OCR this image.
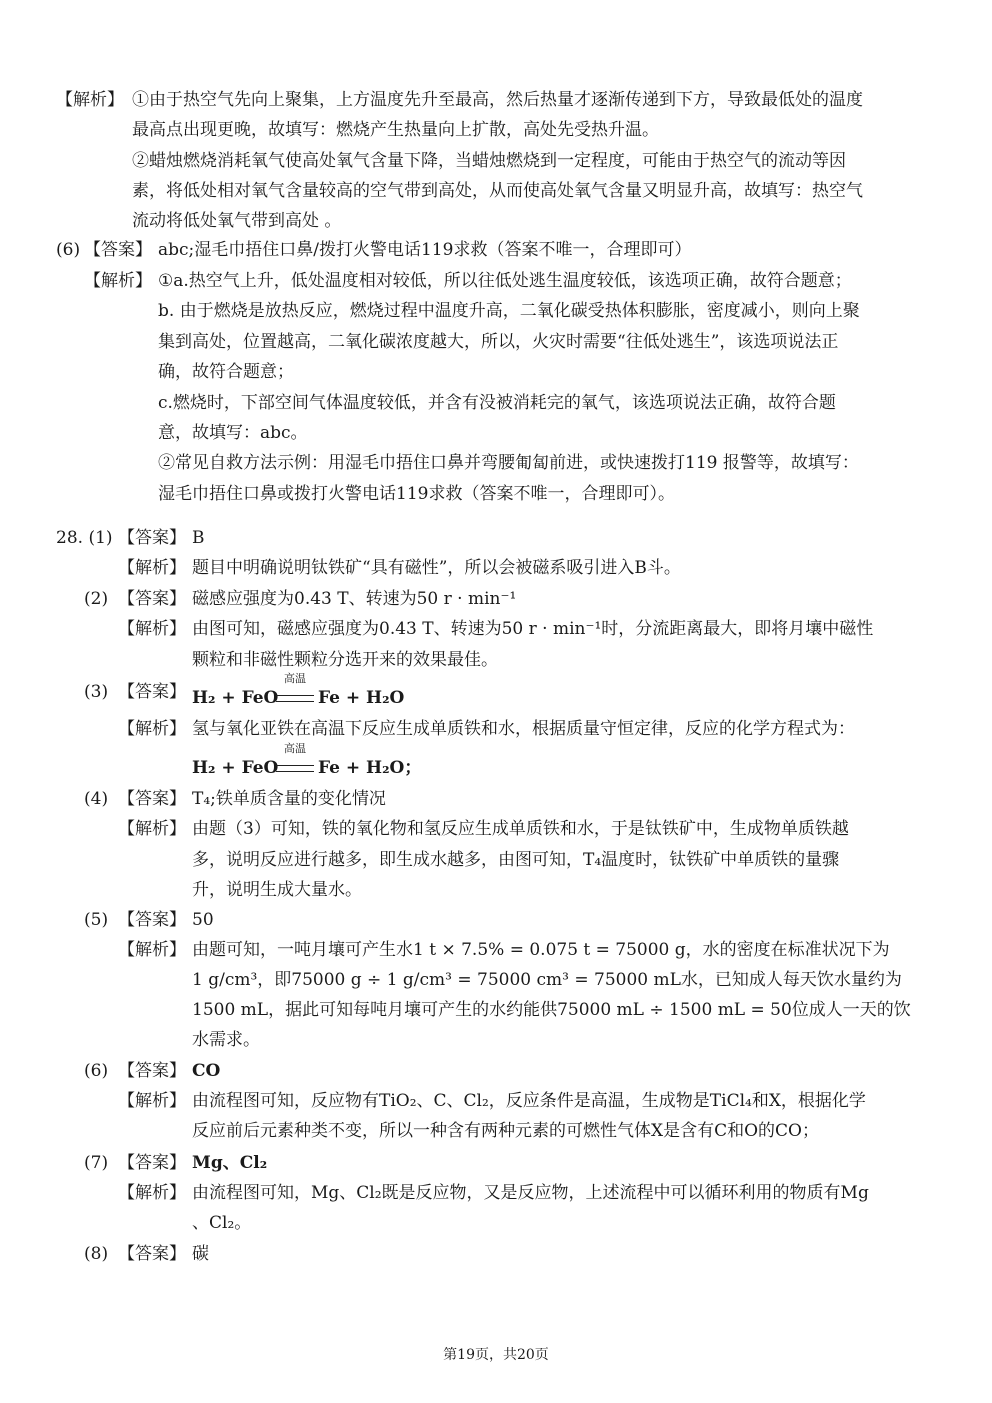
【解析】 ①由于热空气先向上聚集，上方温度先升至最高，然后热量才逐渐传递到下方，导致最低处的温度
最高点出现更晚，故填写：燃烧产生热量向上扩散，高处先受热升温。
②蜡烛燃烧消耗氧气使高处氧气含量下降，当蜡烛燃烧到一定程度，可能由于热空气的流动等因
素，将低处相对氧气含量较高的空气带到高处，从而使高处氧气含量又明显升高，故填写：热空气
流动将低处氧气带到高处 。
(6) 【答案】 abc;湿毛巾捂住口鼻/拨打火警电话119求救（答案不唯一，合理即可）
【解析】 ①a.热空气上升，低处温度相对较低，所以往低处逃生温度较低，该选项正确，故符合题意；
b. 由于燃烧是放热反应，燃烧过程中温度升高，二氧化碳受热体积膨胀，密度减小，则向上聚
集到高处，位置越高，二氧化碳浓度越大，所以，火灾时需要“往低处逃生”，该选项说法正
确，故符合题意；
c.燃烧时，下部空间气体温度较低，并含有没被消耗完的氧气，该选项说法正确，故符合题
意，故填写：abc。
②常见自救方法示例：用湿毛巾捂住口鼻并弯腰匍匐前进，或快速拨打119 报警等，故填写：
湿毛巾捂住口鼻或拨打火警电话119求救（答案不唯一，合理即可）。
28. (1) 【答案】 B
【解析】 题目中明确说明钛铁矿“具有磁性”，所以会被磁系吸引进入B斗。
(2) 【答案】 磁感应强度为0.43 T、转速为50 r · min⁻¹
【解析】 由图可知，磁感应强度为0.43 T、转速为50 r · min⁻¹时，分流距离最大，即将月壤中磁性
颗粒和非磁性颗粒分选开来的效果最佳。
(3) 【答案】 H₂ + FeO
高温
Fe + H₂O
【解析】 氢与氧化亚铁在高温下反应生成单质铁和水，根据质量守恒定律，反应的化学方程式为：
H₂ + FeO
高温
Fe + H₂O；
(4) 【答案】 T₄;铁单质含量的变化情况
【解析】 由题（3）可知，铁的氧化物和氢反应生成单质铁和水，于是钛铁矿中，生成物单质铁越
多，说明反应进行越多，即生成水越多，由图可知，T₄温度时，钛铁矿中单质铁的量骤
升，说明生成大量水。
(5) 【答案】 50
【解析】 由题可知，一吨月壤可产生水1 t × 7.5% = 0.075 t = 75000 g，水的密度在标准状况下为
1 g/cm³，即75000 g ÷ 1 g/cm³ = 75000 cm³ = 75000 mL水，已知成人每天饮水量约为
1500 mL，据此可知每吨月壤可产生的水约能供75000 mL ÷ 1500 mL = 50位成人一天的饮
水需求。
(6) 【答案】 CO
【解析】 由流程图可知，反应物有TiO₂、C、Cl₂，反应条件是高温，生成物是TiCl₄和X，根据化学
反应前后元素种类不变，所以一种含有两种元素的可燃性气体X是含有C和O的CO；
(7) 【答案】 Mg、Cl₂
【解析】 由流程图可知，Mg、Cl₂既是反应物，又是反应物，上述流程中可以循环利用的物质有Mg
、Cl₂。
(8) 【答案】 碳
第19页，共20页
